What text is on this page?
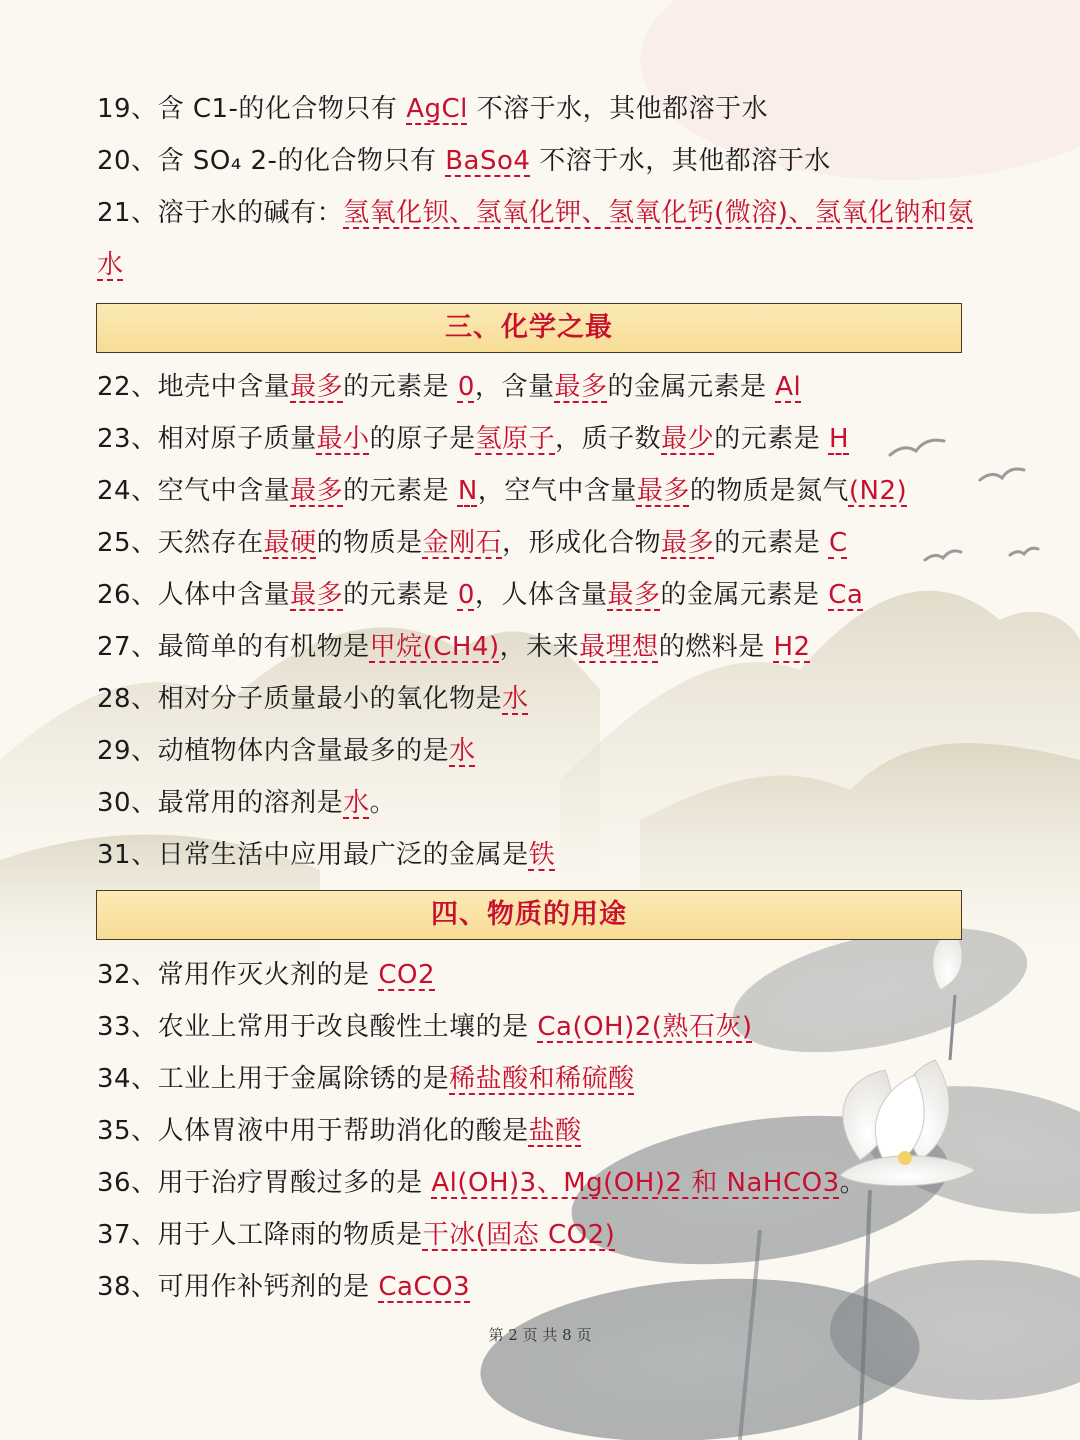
19、含 C1-的化合物只有 AgCl 不溶于水，其他都溶于水
20、含 SO₄ 2-的化合物只有 BaSo4 不溶于水，其他都溶于水
21、溶于水的碱有：氢氧化钡、氢氧化钾、氢氧化钙(微溶)、氢氧化钠和氨水
22、地壳中含量最多的元素是 0，含量最多的金属元素是 Al
23、相对原子质量最小的原子是氢原子，质子数最少的元素是 H
24、空气中含量最多的元素是 N，空气中含量最多的物质是氮气(N2)
25、天然存在最硬的物质是金刚石，形成化合物最多的元素是 C
26、人体中含量最多的元素是 0，人体含量最多的金属元素是 Ca
27、最简单的有机物是甲烷(CH4)，未来最理想的燃料是 H2
28、相对分子质量最小的氧化物是水
29、动植物体内含量最多的是水
30、最常用的溶剂是水。
31、日常生活中应用最广泛的金属是铁
32、常用作灭火剂的是 CO2
33、农业上常用于改良酸性土壤的是 Ca(OH)2(熟石灰)
34、工业上用于金属除锈的是稀盐酸和稀硫酸
35、人体胃液中用于帮助消化的酸是盐酸
36、用于治疗胃酸过多的是 Al(OH)3、Mg(OH)2 和 NaHCO3。
37、用于人工降雨的物质是干冰(固态 CO2)
38、可用作补钙剂的是 CaCO3
三、化学之最
四、物质的用途
第 2 页 共 8 页
